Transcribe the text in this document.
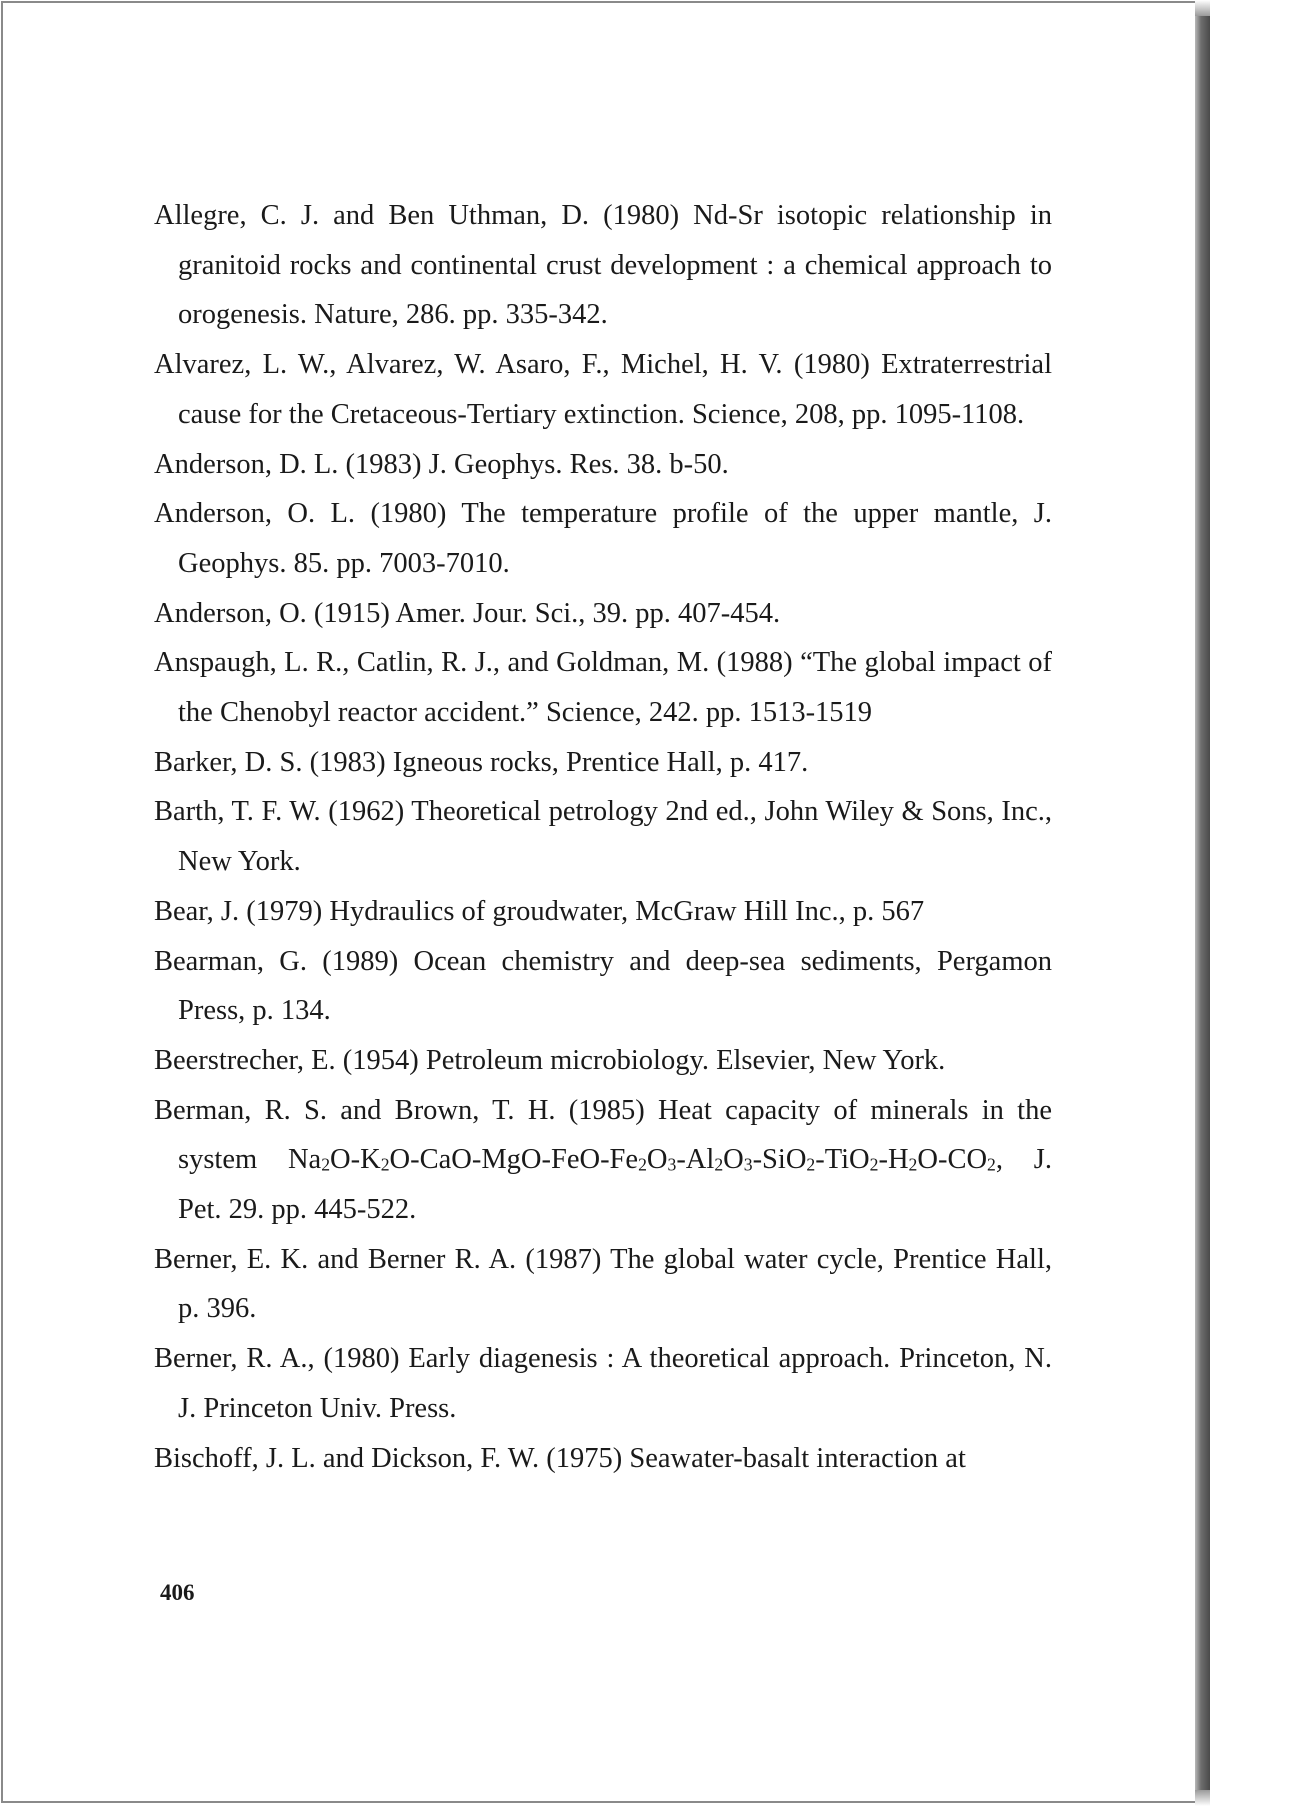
Allegre, C. J. and Ben Uthman, D. (1980) Nd-Sr isotopic relationship in granitoid rocks and continental crust development : a chemical approach to orogenesis. Nature, 286. pp. 335-342.

Alvarez, L. W., Alvarez, W. Asaro, F., Michel, H. V. (1980) Extraterrestrial cause for the Cretaceous-Tertiary extinction. Science, 208, pp. 1095-1108.

Anderson, D. L. (1983) J. Geophys. Res. 38. b-50.

Anderson, O. L. (1980) The temperature profile of the upper mantle, J. Geophys. 85. pp. 7003-7010.

Anderson, O. (1915) Amer. Jour. Sci., 39. pp. 407-454.

Anspaugh, L. R., Catlin, R. J., and Goldman, M. (1988) “The global impact of the Chenobyl reactor accident.” Science, 242. pp. 1513-1519

Barker, D. S. (1983) Igneous rocks, Prentice Hall, p. 417.

Barth, T. F. W. (1962) Theoretical petrology 2nd ed., John Wiley & Sons, Inc., New York.

Bear, J. (1979) Hydraulics of groudwater, McGraw Hill Inc., p. 567

Bearman, G. (1989) Ocean chemistry and deep-sea sediments, Pergamon Press, p. 134.

Beerstrecher, E. (1954) Petroleum microbiology. Elsevier, New York.

Berman, R. S. and Brown, T. H. (1985) Heat capacity of minerals in the system $Na_2O-K_2O-CaO-MgO-FeO-Fe_2O_3-Al_2O_3-SiO_2-TiO_2-H_2O-CO_2$, J. Pet. 29. pp. 445-522.

Berner, E. K. and Berner R. A. (1987) The global water cycle, Prentice Hall, p. 396.

Berner, R. A., (1980) Early diagenesis : A theoretical approach. Princeton, N. J. Princeton Univ. Press.

Bischoff, J. L. and Dickson, F. W. (1975) Seawater-basalt interaction at

406
